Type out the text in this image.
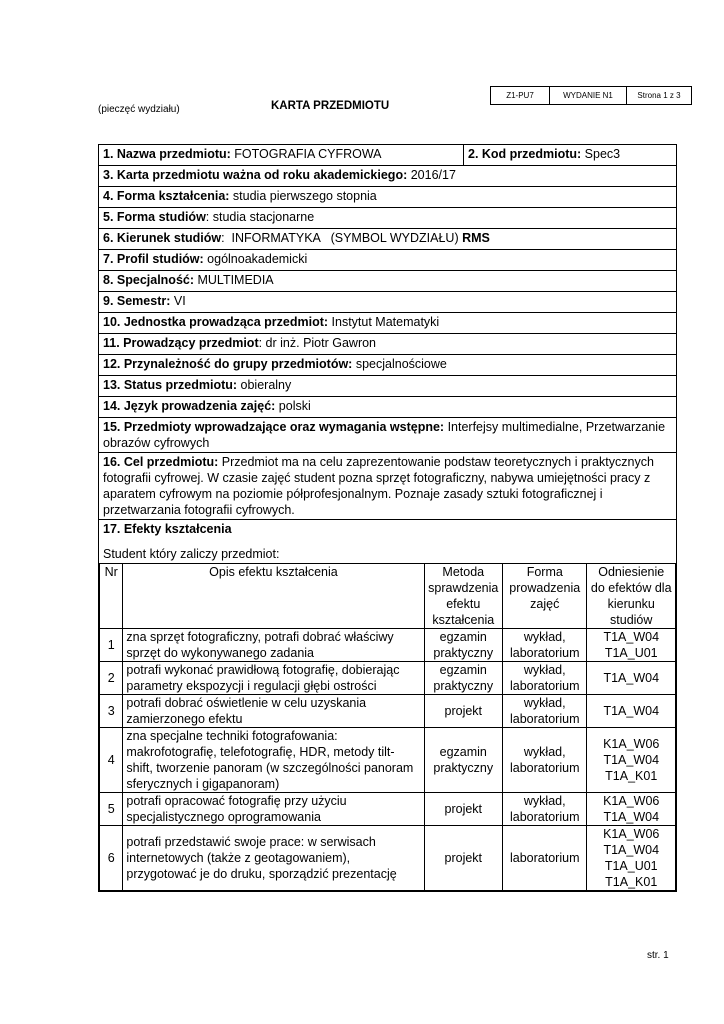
Z1-PU7	WYDANIE N1	Strona 1 z 3
(pieczęć wydziału)	KARTA PRZEDMIOTU
1. Nazwa przedmiotu: FOTOGRAFIA CYFROWA	2. Kod przedmiotu: Spec3
3. Karta przedmiotu ważna od roku akademickiego: 2016/17
4. Forma kształcenia: studia pierwszego stopnia
5. Forma studiów: studia stacjonarne
6. Kierunek studiów:  INFORMATYKA   (SYMBOL WYDZIAŁU) RMS
7. Profil studiów: ogólnoakademicki
8. Specjalność: MULTIMEDIA
9. Semestr: VI
10. Jednostka prowadząca przedmiot: Instytut Matematyki
11. Prowadzący przedmiot: dr inż. Piotr Gawron
12. Przynależność do grupy przedmiotów: specjalnościowe
13. Status przedmiotu: obieralny
14. Język prowadzenia zajęć: polski
15. Przedmioty wprowadzające oraz wymagania wstępne: Interfejsy multimedialne, Przetwarzanie obrazów cyfrowych
16. Cel przedmiotu: Przedmiot ma na celu zaprezentowanie podstaw teoretycznych i praktycznych fotografii cyfrowej. W czasie zajęć student pozna sprzęt fotograficzny, nabywa umiejętności pracy z aparatem cyfrowym na poziomie półprofesjonalnym. Poznaje zasady sztuki fotograficznej i przetwarzania fotografii cyfrowych.

17. Efekty kształcenia
Student który zaliczy przedmiot:
Nr	Opis efektu kształcenia	Metoda sprawdzenia efektu kształcenia	Forma prowadzenia zajęć	Odniesienie do efektów dla kierunku studiów
1	zna sprzęt fotograficzny, potrafi dobrać właściwy sprzęt do wykonywanego zadania	egzamin praktyczny	wykład, laboratorium	T1A_W04 T1A_U01
2	potrafi wykonać prawidłową fotografię, dobierając parametry ekspozycji i regulacji głębi ostrości	egzamin praktyczny	wykład, laboratorium	T1A_W04
3	potrafi dobrać oświetlenie w celu uzyskania zamierzonego efektu	projekt	wykład, laboratorium	T1A_W04
4	zna specjalne techniki fotografowania: makrofotografię, telefotografię, HDR, metody tilt-shift, tworzenie panoram (w szczególności panoram sferycznych i gigapanoram)	egzamin praktyczny	wykład, laboratorium	K1A_W06 T1A_W04 T1A_K01
5	potrafi opracować fotografię przy użyciu specjalistycznego oprogramowania	projekt	wykład, laboratorium	K1A_W06 T1A_W04
6	potrafi przedstawić swoje prace: w serwisach internetowych (także z geotagowaniem), przygotować je do druku, sporządzić prezentację	projekt	laboratorium	K1A_W06 T1A_W04 T1A_U01 T1A_K01
str. 1
